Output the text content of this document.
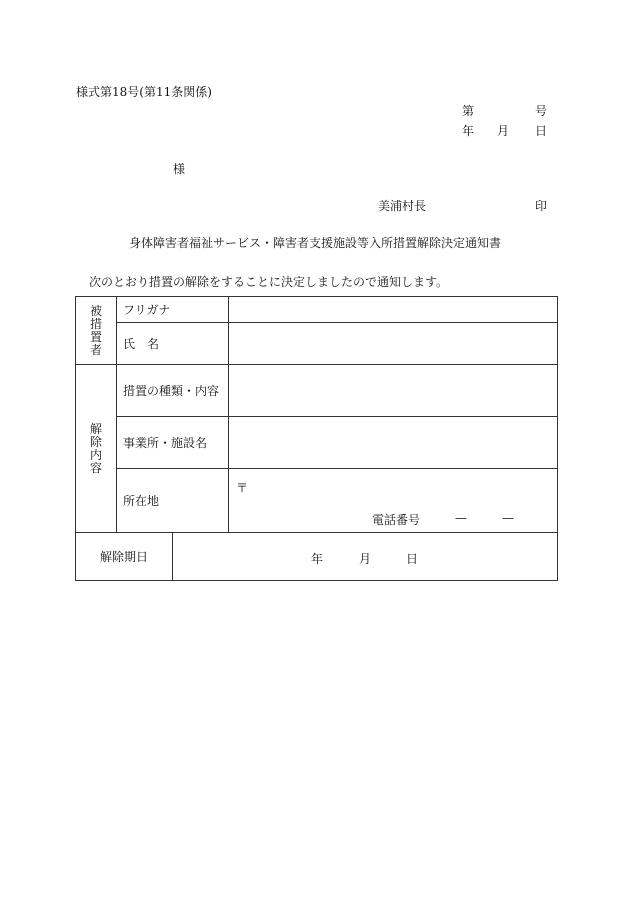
様式第18号(第11条関係)
第	号
年 月 日
様
美浦村長	印
身体障害者福祉サービス・障害者支援施設等入所措置解除決定通知書
次のとおり措置の解除をすることに決定しましたので通知します。
被措置者	フリガナ		
	氏　名		
解除内容	措置の種類・内容		
	事業所・施設名		
	所在地		〒
電話番号 — —

解除期日		年 月 日	
